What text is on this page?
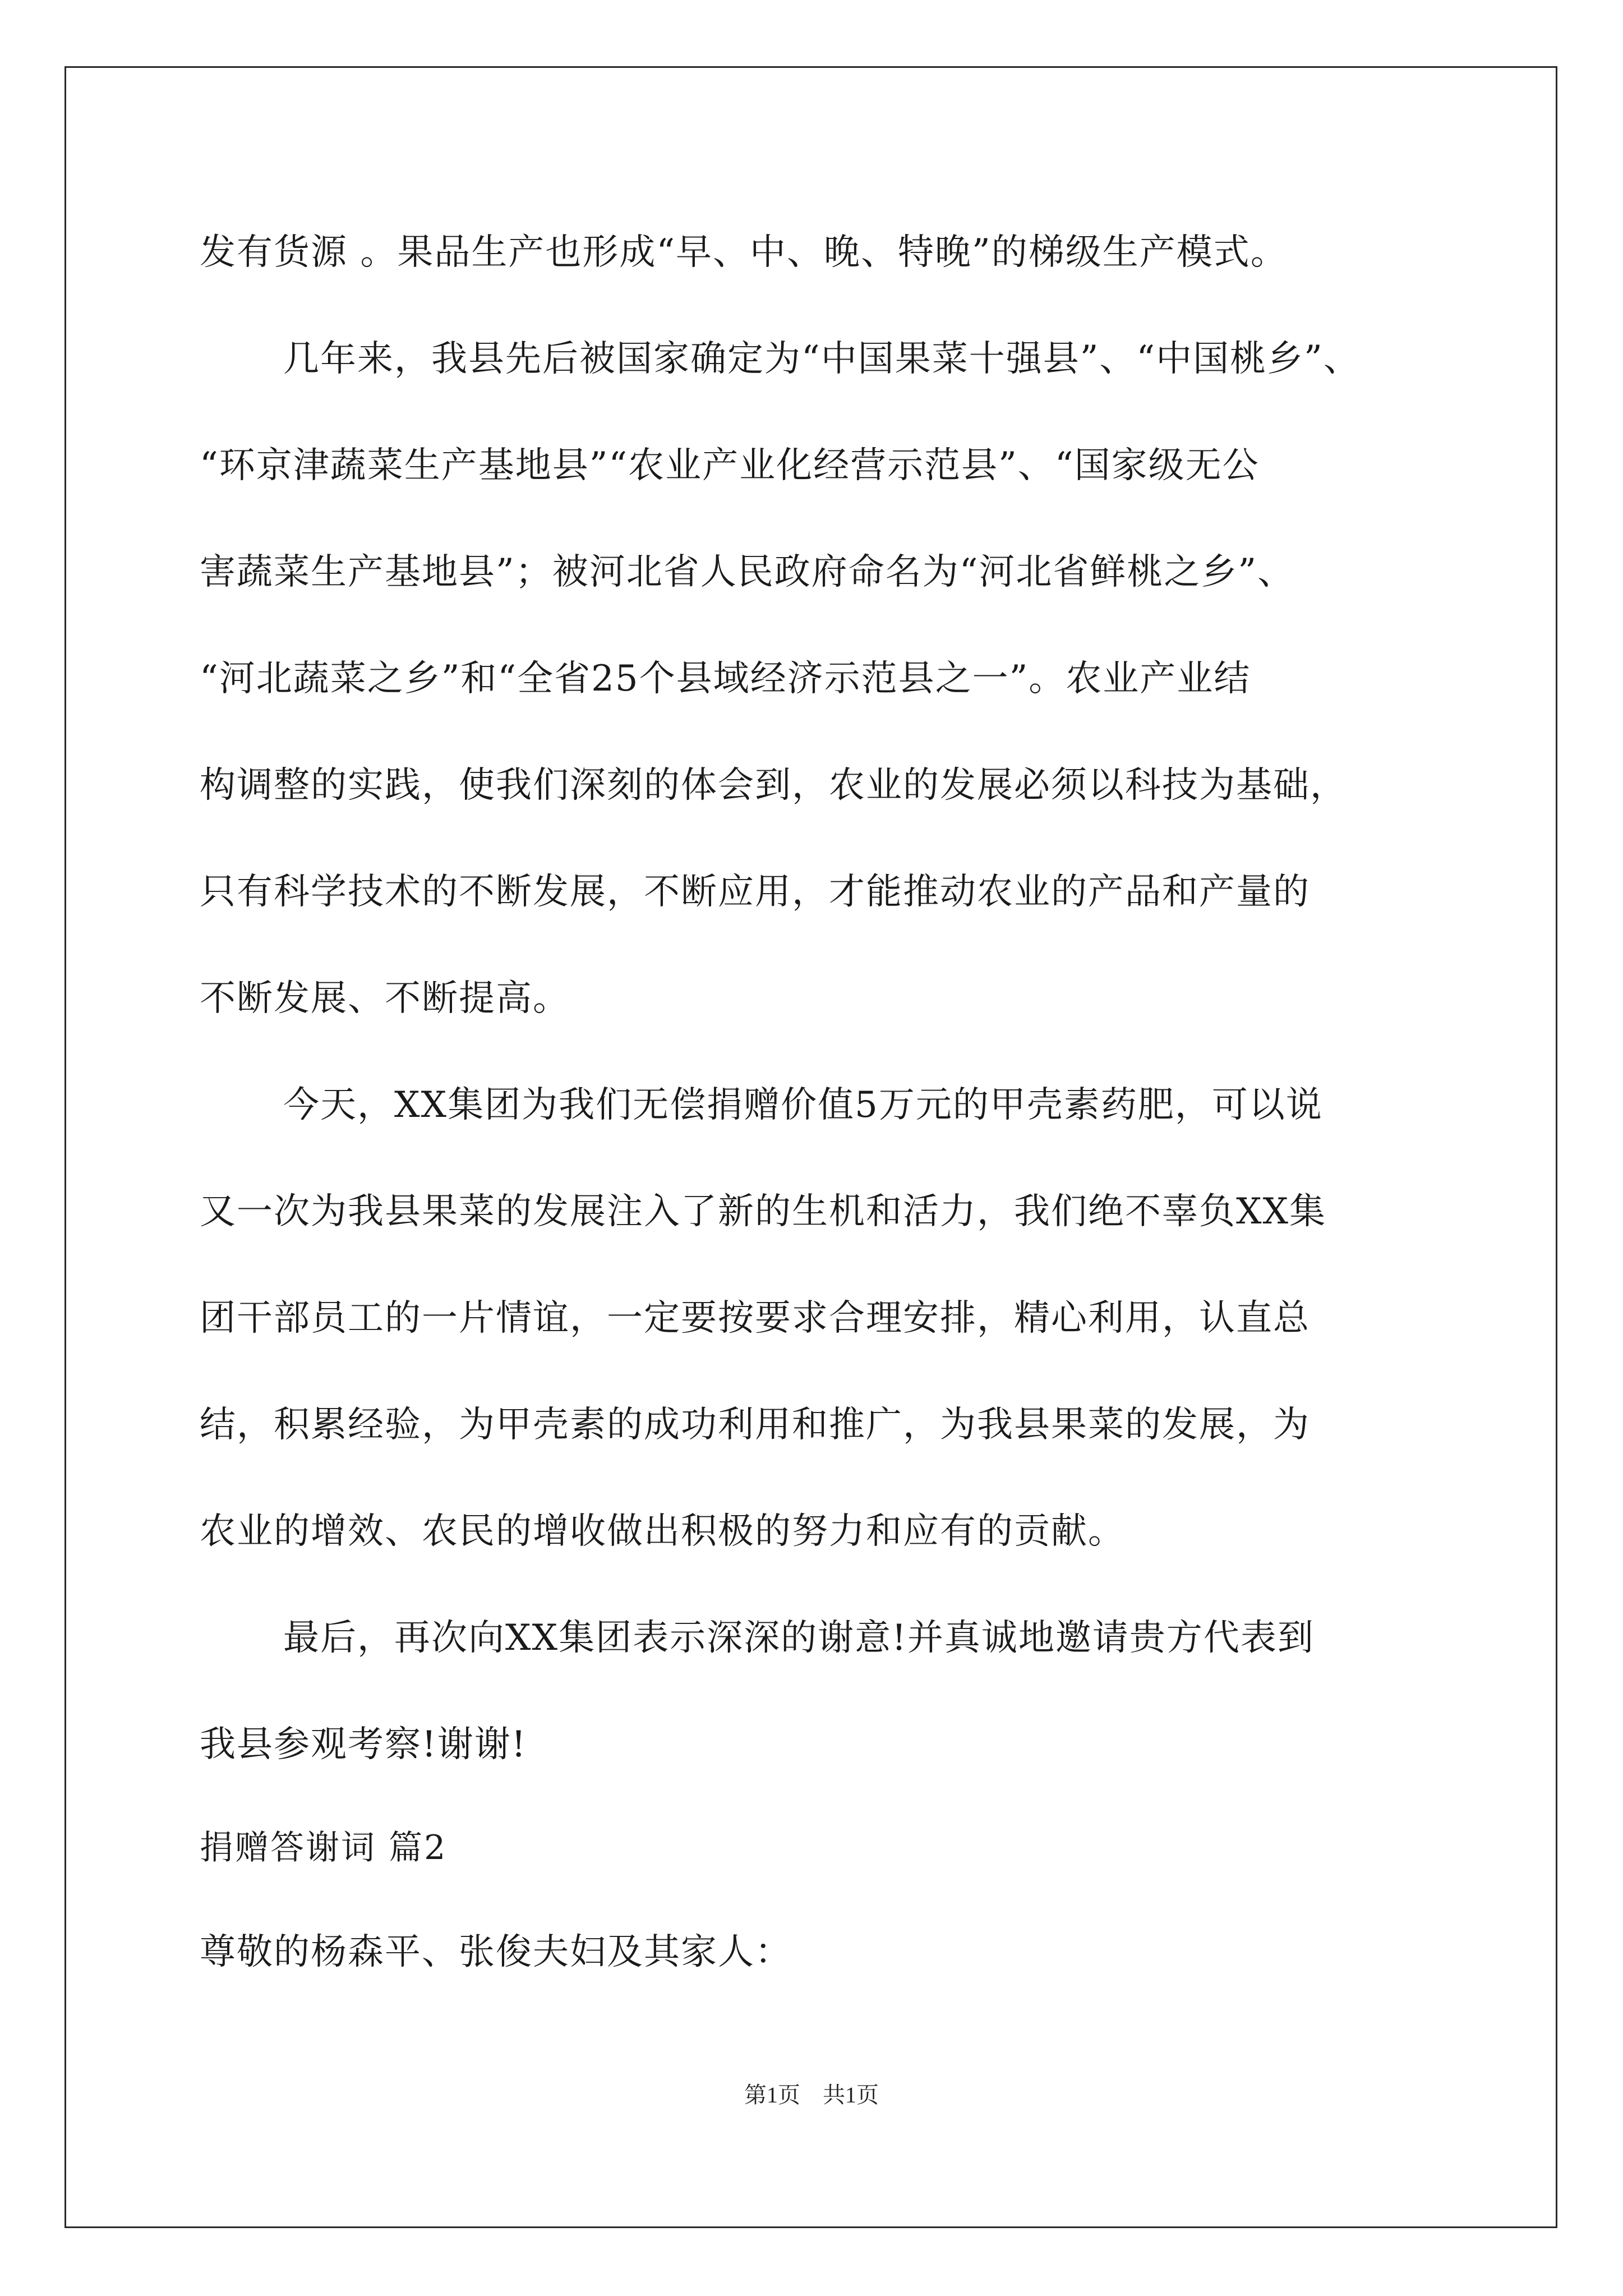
发有货源 。果品生产也形成“早、中、晚、特晚”的梯级生产模式。
几年来，我县先后被国家确定为“中国果菜十强县”、“中国桃乡”、
“环京津蔬菜生产基地县”“农业产业化经营示范县”、“国家级无公
害蔬菜生产基地县”；被河北省人民政府命名为“河北省鲜桃之乡”、
“河北蔬菜之乡”和“全省25个县域经济示范县之一”。农业产业结
构调整的实践，使我们深刻的体会到，农业的发展必须以科技为基础，
只有科学技术的不断发展，不断应用，才能推动农业的产品和产量的
不断发展、不断提高。
今天，XX集团为我们无偿捐赠价值5万元的甲壳素药肥，可以说
又一次为我县果菜的发展注入了新的生机和活力，我们绝不辜负XX集
团干部员工的一片情谊，一定要按要求合理安排，精心利用，认直总
结，积累经验，为甲壳素的成功利用和推广，为我县果菜的发展，为
农业的增效、农民的增收做出积极的努力和应有的贡献。
最后，再次向XX集团表示深深的谢意!并真诚地邀请贵方代表到
我县参观考察!谢谢!
捐赠答谢词 篇2
尊敬的杨森平、张俊夫妇及其家人：
第1页　共1页
